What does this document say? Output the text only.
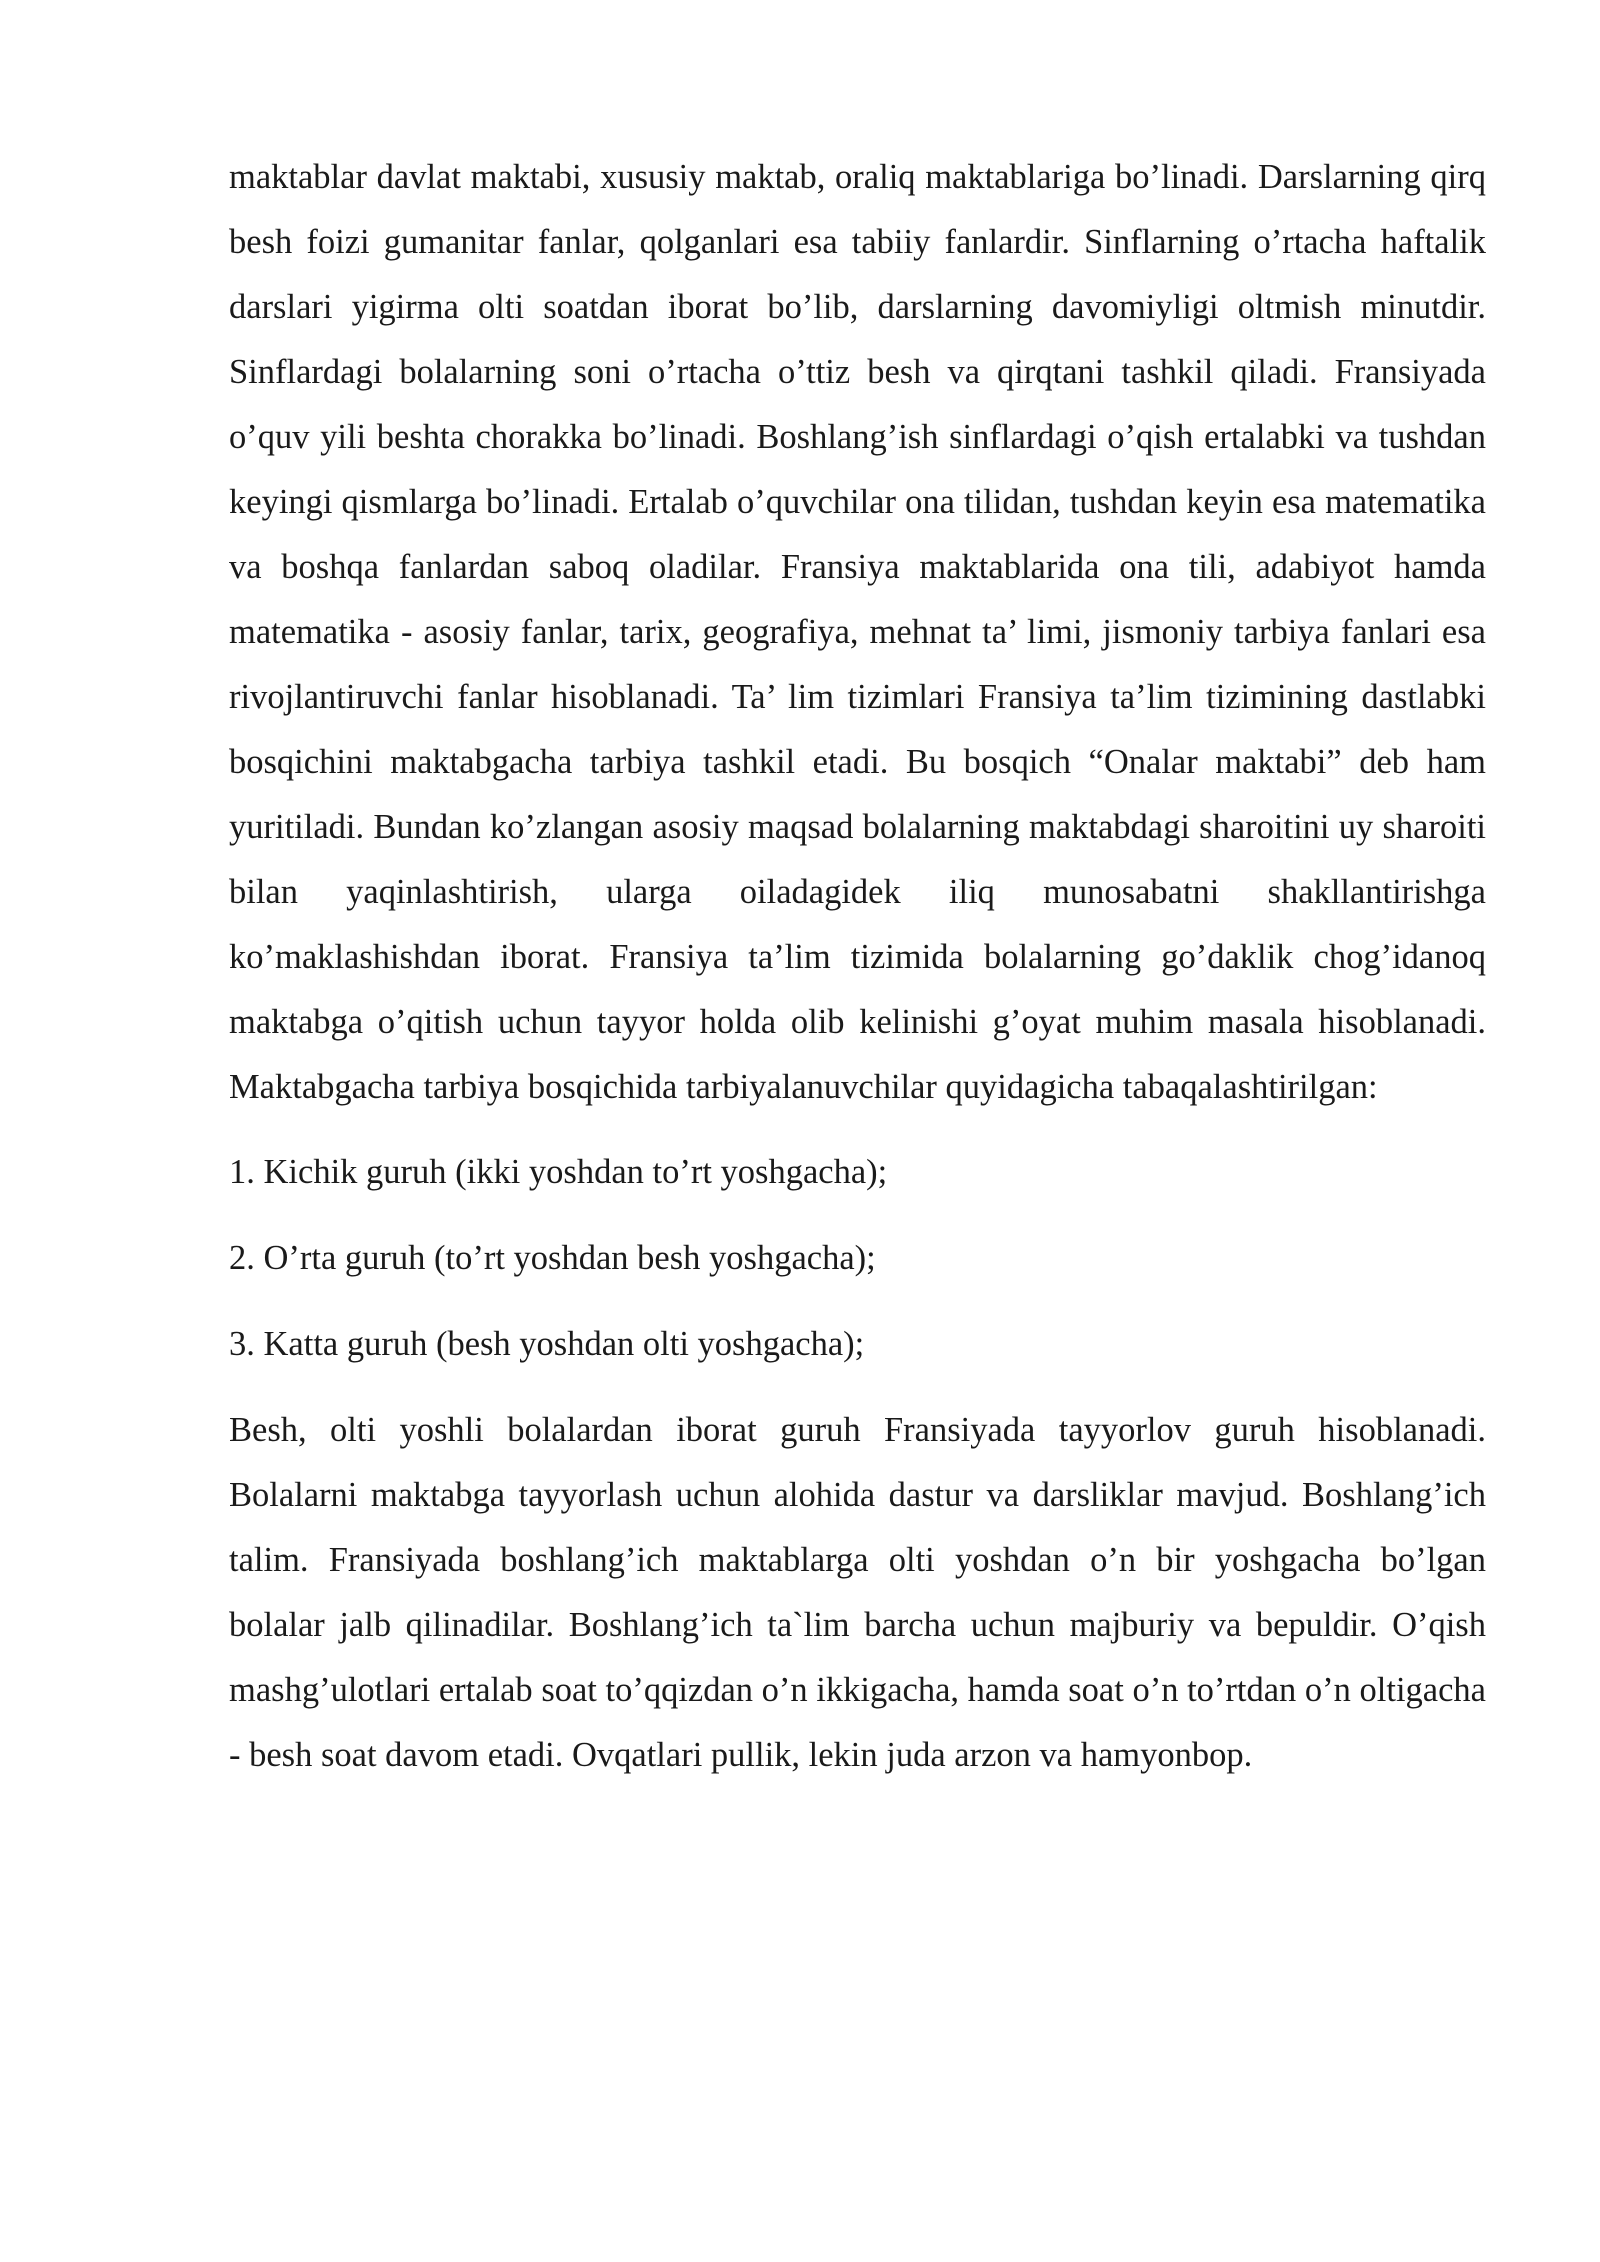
maktablar davlat maktabi, xususiy maktab, oraliq maktablariga bo’linadi. Darslarning qirq besh foizi gumanitar fanlar, qolganlari esa tabiiy fanlardir. Sinflarning o’rtacha haftalik darslari yigirma olti soatdan iborat bo’lib, darslarning davomiyligi oltmish minutdir. Sinflardagi bolalarning soni o’rtacha o’ttiz besh va qirqtani tashkil qiladi. Fransiyada o’quv yili beshta chorakka bo’linadi. Boshlang’ish sinflardagi o’qish ertalabki va tushdan keyingi qismlarga bo’linadi. Ertalab o’quvchilar ona tilidan, tushdan keyin esa matematika va boshqa fanlardan saboq oladilar. Fransiya maktablarida ona tili, adabiyot hamda matematika - asosiy fanlar, tarix, geografiya, mehnat ta’ limi, jismoniy tarbiya fanlari esa rivojlantiruvchi fanlar hisoblanadi. Ta’ lim tizimlari Fransiya ta’lim tizimining dastlabki bosqichini maktabgacha tarbiya tashkil etadi. Bu bosqich “Onalar maktabi” deb ham yuritiladi. Bundan ko’zlangan asosiy maqsad bolalarning maktabdagi sharoitini uy sharoiti bilan yaqinlashtirish, ularga oiladagidek iliq munosabatni shakllantirishga ko’maklashishdan iborat. Fransiya ta’lim tizimida bolalarning go’daklik chog’idanoq maktabga o’qitish uchun tayyor holda olib kelinishi g’oyat muhim masala hisoblanadi. Maktabgacha tarbiya bosqichida tarbiyalanuvchilar quyidagicha tabaqalashtirilgan:

1. Kichik guruh (ikki yoshdan to’rt yoshgacha);
2. O’rta guruh (to’rt yoshdan besh yoshgacha);
3. Katta guruh (besh yoshdan olti yoshgacha);

Besh, olti yoshli bolalardan iborat guruh Fransiyada tayyorlov guruh hisoblanadi. Bolalarni maktabga tayyorlash uchun alohida dastur va darsliklar mavjud. Boshlang’ich talim. Fransiyada boshlang’ich maktablarga olti yoshdan o’n bir yoshgacha bo’lgan bolalar jalb qilinadilar. Boshlang’ich ta`lim barcha uchun majburiy va bepuldir. O’qish mashg’ulotlari ertalab soat to’qqizdan o’n ikkigacha, hamda soat o’n to’rtdan o’n oltigacha - besh soat davom etadi. Ovqatlari pullik, lekin juda arzon va hamyonbop.
